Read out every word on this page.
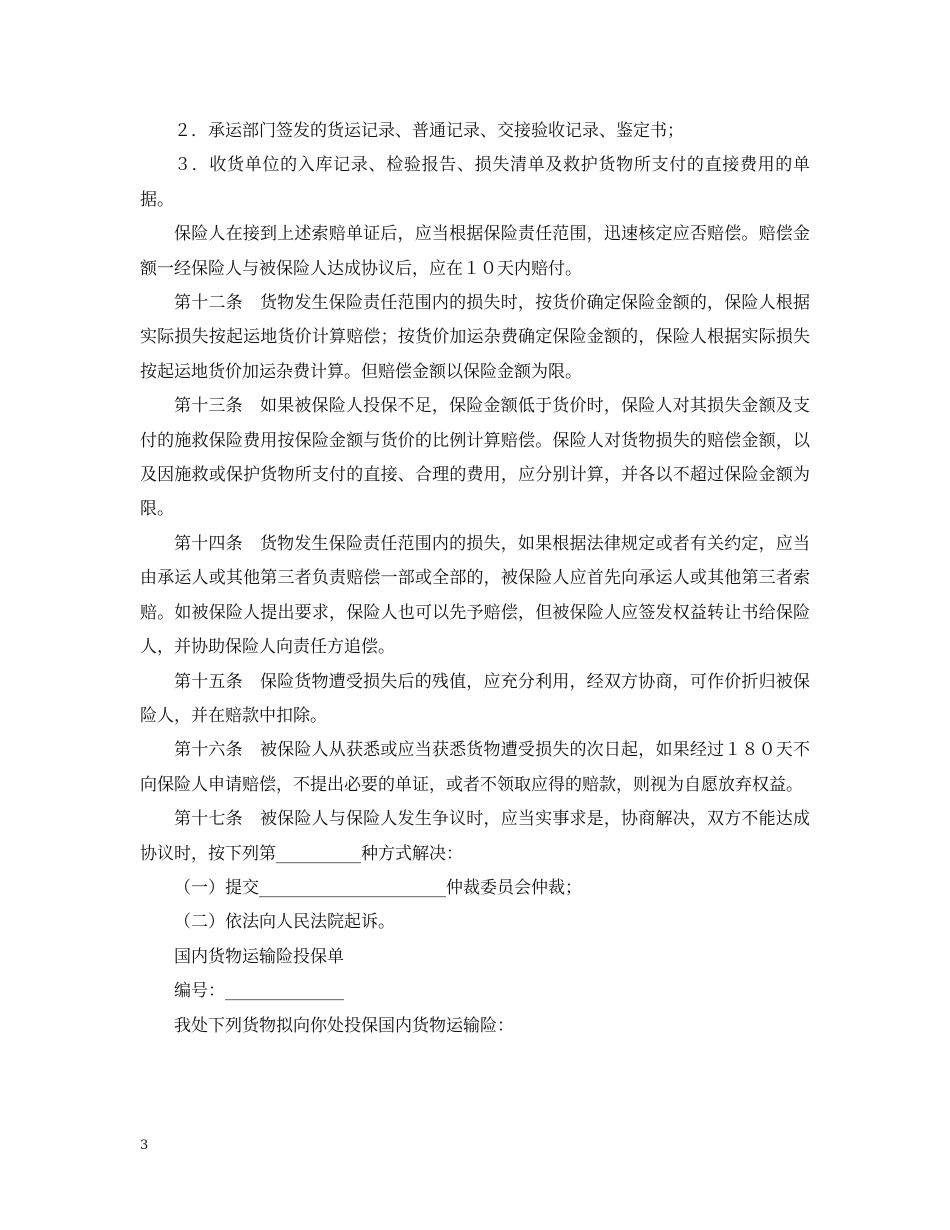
２．承运部门签发的货运记录、普通记录、交接验收记录、鉴定书；

３．收货单位的入库记录、检验报告、损失清单及救护货物所支付的直接费用的单据。

保险人在接到上述索赔单证后，应当根据保险责任范围，迅速核定应否赔偿。赔偿金额一经保险人与被保险人达成协议后，应在１０天内赔付。

第十二条　货物发生保险责任范围内的损失时，按货价确定保险金额的，保险人根据实际损失按起运地货价计算赔偿；按货价加运杂费确定保险金额的，保险人根据实际损失按起运地货价加运杂费计算。但赔偿金额以保险金额为限。

第十三条　如果被保险人投保不足，保险金额低于货价时，保险人对其损失金额及支付的施救保险费用按保险金额与货价的比例计算赔偿。保险人对货物损失的赔偿金额，以及因施救或保护货物所支付的直接、合理的费用，应分别计算，并各以不超过保险金额为限。

第十四条　货物发生保险责任范围内的损失，如果根据法律规定或者有关约定，应当由承运人或其他第三者负责赔偿一部或全部的，被保险人应首先向承运人或其他第三者索赔。如被保险人提出要求，保险人也可以先予赔偿，但被保险人应签发权益转让书给保险人，并协助保险人向责任方追偿。

第十五条　保险货物遭受损失后的残值，应充分利用，经双方协商，可作价折归被保险人，并在赔款中扣除。

第十六条　被保险人从获悉或应当获悉货物遭受损失的次日起，如果经过１８０天不向保险人申请赔偿，不提出必要的单证，或者不领取应得的赔款，则视为自愿放弃权益。

第十七条　被保险人与保险人发生争议时，应当实事求是，协商解决，双方不能达成协议时，按下列第__________种方式解决：

（一）提交______________________仲裁委员会仲裁；

（二）依法向人民法院起诉。

国内货物运输险投保单

编号：______________

我处下列货物拟向你处投保国内货物运输险：

3
